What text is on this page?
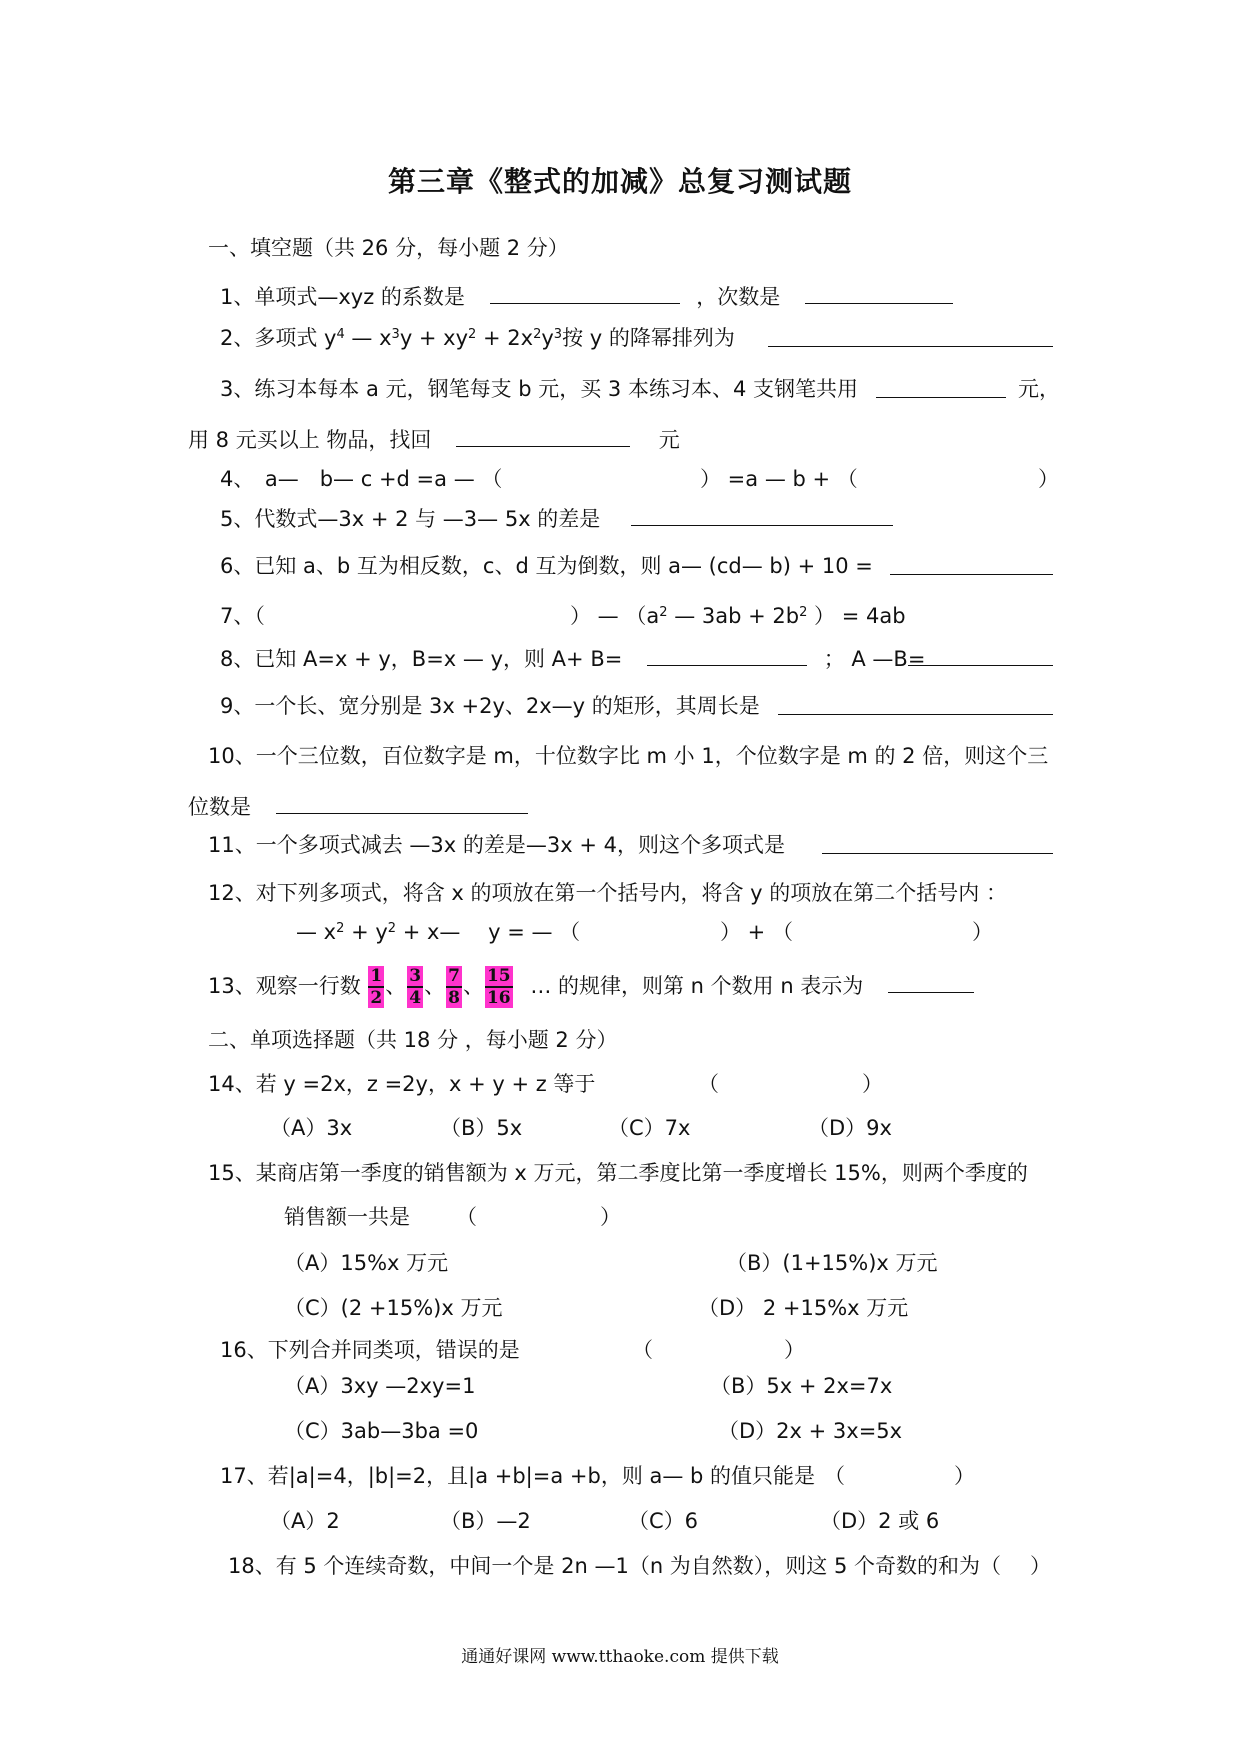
第三章《整式的加减》总复习测试题
一、填空题（共 26 分，每小题 2 分）
1、单项式—xyz 的系数是	，次数是
2、多项式 $y^4$ — $x^3y + xy^2 + 2x^2y^3$按 y 的降幂排列为
3、练习本每本 a 元，钢笔每支 b 元，买 3 本练习本、4 支钢笔共用	元，
用 8 元买以上 物品，找回	元
4、　a—　b— c +d =a — （	） =a — b + （	）
5、代数式—3x + 2 与 —3— 5x 的差是
6、已知 a、b 互为相反数，c、d 互为倒数，则 a— (cd— b) + 10 =
7、（	） — （$a^2$ — $3ab + 2b^2$ ） = 4ab
8、已知 A=x + y，B=x — y，则 A+ B=	； A —B=
9、一个长、宽分别是 3x +2y、2x—y 的矩形，其周长是
10、一个三位数，百位数字是 m，十位数字比 m 小 1，个位数字是 m 的 2 倍，则这个三
位数是
11、一个多项式减去 —3x 的差是—3x + 4，则这个多项式是
12、对下列多项式，将含 x 的项放在第一个括号内，将含 y 的项放在第二个括号内 ：
— $x^2 + y^2$ + x—　 y = — （	） + （	）
13、观察一行数 $\frac{1}{2}$ 、 $\frac{3}{4}$ 、 $\frac{7}{8}$ 、 $\frac{15}{16}$ … 的规律，则第 n 个数用 n 表示为
二、单项选择题（共 18 分 ，每小题 2 分）
14、若 y =2x，z =2y，x + y + z 等于	（	）
（A）3x	（B）5x	（C）7x	（D）9x
15、某商店第一季度的销售额为 x 万元，第二季度比第一季度增长 15%，则两个季度的
销售额一共是 （	）
（A）15%x 万元	（B）(1+15%)x 万元
（C）(2 +15%)x 万元	（D） 2 +15%x 万元
16、下列合并同类项，错误的是	（	）
（A）3xy —2xy=1	（B）5x + 2x=7x
（C）3ab—3ba =0	（D）2x + 3x=5x
17、若|a|=4，|b|=2，且|a +b|=a +b，则 a— b 的值只能是 （	）
（A）2	（B）—2	（C）6	（D）2 或 6
18、有 5 个连续奇数，中间一个是 2n —1（n 为自然数），则这 5 个奇数的和为（ ）
通通好课网 www.tthaoke.com 提供下载
